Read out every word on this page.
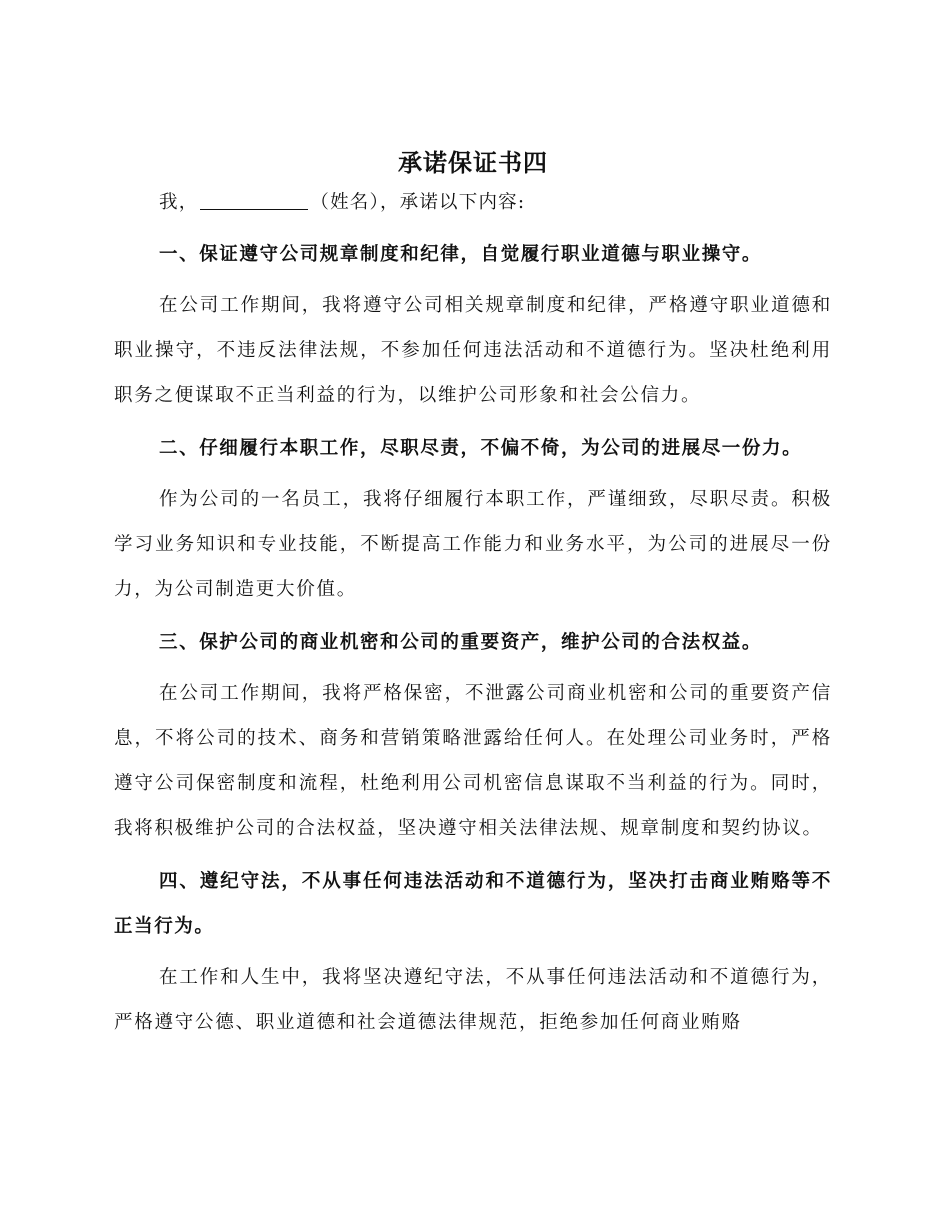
承诺保证书四

我，	（姓名），承诺以下内容:

一、保证遵守公司规章制度和纪律，自觉履行职业道德与职业操守。

在公司工作期间，我将遵守公司相关规章制度和纪律，严格遵守职业道德和职业操守，不违反法律法规，不参加任何违法活动和不道德行为。坚决杜绝利用职务之便谋取不正当利益的行为，以维护公司形象和社会公信力。

二、仔细履行本职工作，尽职尽责，不偏不倚，为公司的进展尽一份力。

作为公司的一名员工，我将仔细履行本职工作，严谨细致，尽职尽责。积极学习业务知识和专业技能，不断提高工作能力和业务水平，为公司的进展尽一份力，为公司制造更大价值。

三、保护公司的商业机密和公司的重要资产，维护公司的合法权益。

在公司工作期间，我将严格保密，不泄露公司商业机密和公司的重要资产信息，不将公司的技术、商务和营销策略泄露给任何人。在处理公司业务时，严格遵守公司保密制度和流程，杜绝利用公司机密信息谋取不当利益的行为。同时，我将积极维护公司的合法权益，坚决遵守相关法律法规、规章制度和契约协议。

四、遵纪守法，不从事任何违法活动和不道德行为，坚决打击商业贿赂等不正当行为。

在工作和人生中，我将坚决遵纪守法，不从事任何违法活动和不道德行为，严格遵守公德、职业道德和社会道德法律规范，拒绝参加任何商业贿赂
